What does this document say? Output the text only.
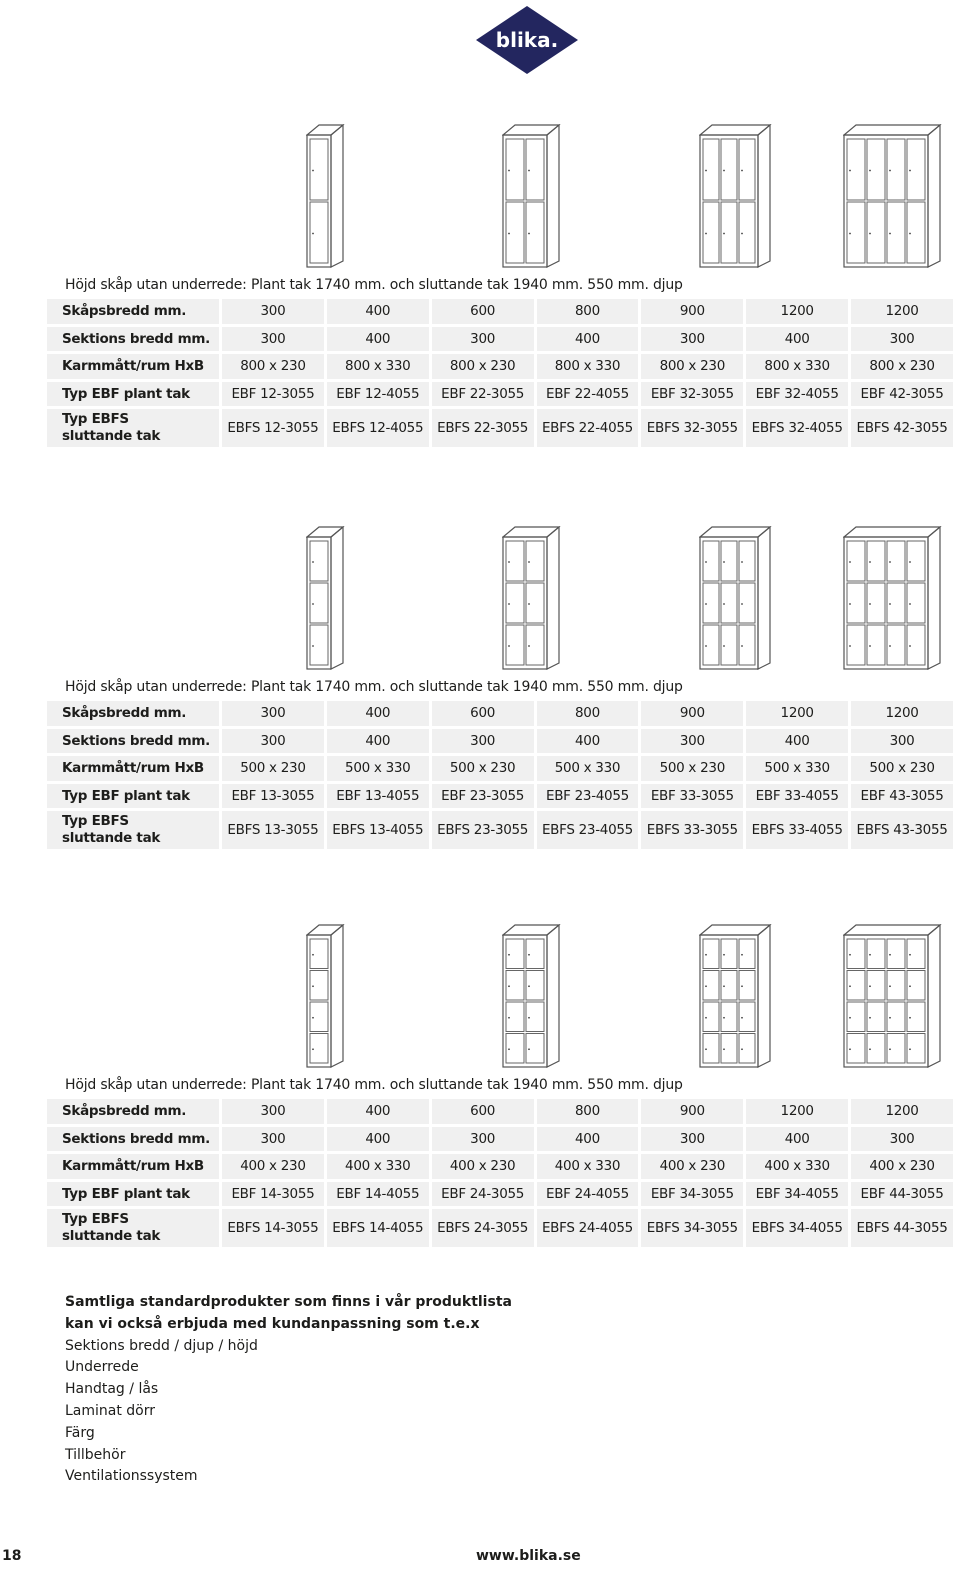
blika.
Höjd skåp utan underrede: Plant tak 1740 mm. och sluttande tak 1940 mm. 550 mm. djup
Skåpsbredd mm.	300	400	600	800	900	1200	1200

Sektions bredd mm.	300	400	300	400	300	400	300

Karmmått/rum HxB	800 x 230	800 x 330	800 x 230	800 x 330	800 x 230	800 x 330	800 x 230

Typ EBF plant tak	EBF 12-3055	EBF 12-4055	EBF 22-3055	EBF 22-4055	EBF 32-3055	EBF 32-4055	EBF 42-3055

Typ EBFS
sluttande tak	EBFS 12-3055	EBFS 12-4055	EBFS 22-3055	EBFS 22-4055	EBFS 32-3055	EBFS 32-4055	EBFS 42-3055
Höjd skåp utan underrede: Plant tak 1740 mm. och sluttande tak 1940 mm. 550 mm. djup
Skåpsbredd mm.	300	400	600	800	900	1200	1200

Sektions bredd mm.	300	400	300	400	300	400	300

Karmmått/rum HxB	500 x 230	500 x 330	500 x 230	500 x 330	500 x 230	500 x 330	500 x 230

Typ EBF plant tak	EBF 13-3055	EBF 13-4055	EBF 23-3055	EBF 23-4055	EBF 33-3055	EBF 33-4055	EBF 43-3055

Typ EBFS
sluttande tak	EBFS 13-3055	EBFS 13-4055	EBFS 23-3055	EBFS 23-4055	EBFS 33-3055	EBFS 33-4055	EBFS 43-3055
Höjd skåp utan underrede: Plant tak 1740 mm. och sluttande tak 1940 mm. 550 mm. djup
Skåpsbredd mm.	300	400	600	800	900	1200	1200

Sektions bredd mm.	300	400	300	400	300	400	300

Karmmått/rum HxB	400 x 230	400 x 330	400 x 230	400 x 330	400 x 230	400 x 330	400 x 230

Typ EBF plant tak	EBF 14-3055	EBF 14-4055	EBF 24-3055	EBF 24-4055	EBF 34-3055	EBF 34-4055	EBF 44-3055

Typ EBFS
sluttande tak	EBFS 14-3055	EBFS 14-4055	EBFS 24-3055	EBFS 24-4055	EBFS 34-3055	EBFS 34-4055	EBFS 44-3055
Samtliga standardprodukter som finns i vår produktlista
kan vi också erbjuda med kundanpassning som t.e.x
Sektions bredd / djup / höjd
Underrede
Handtag / lås
Laminat dörr
Färg
Tillbehör
Ventilationssystem
18	www.blika.se
